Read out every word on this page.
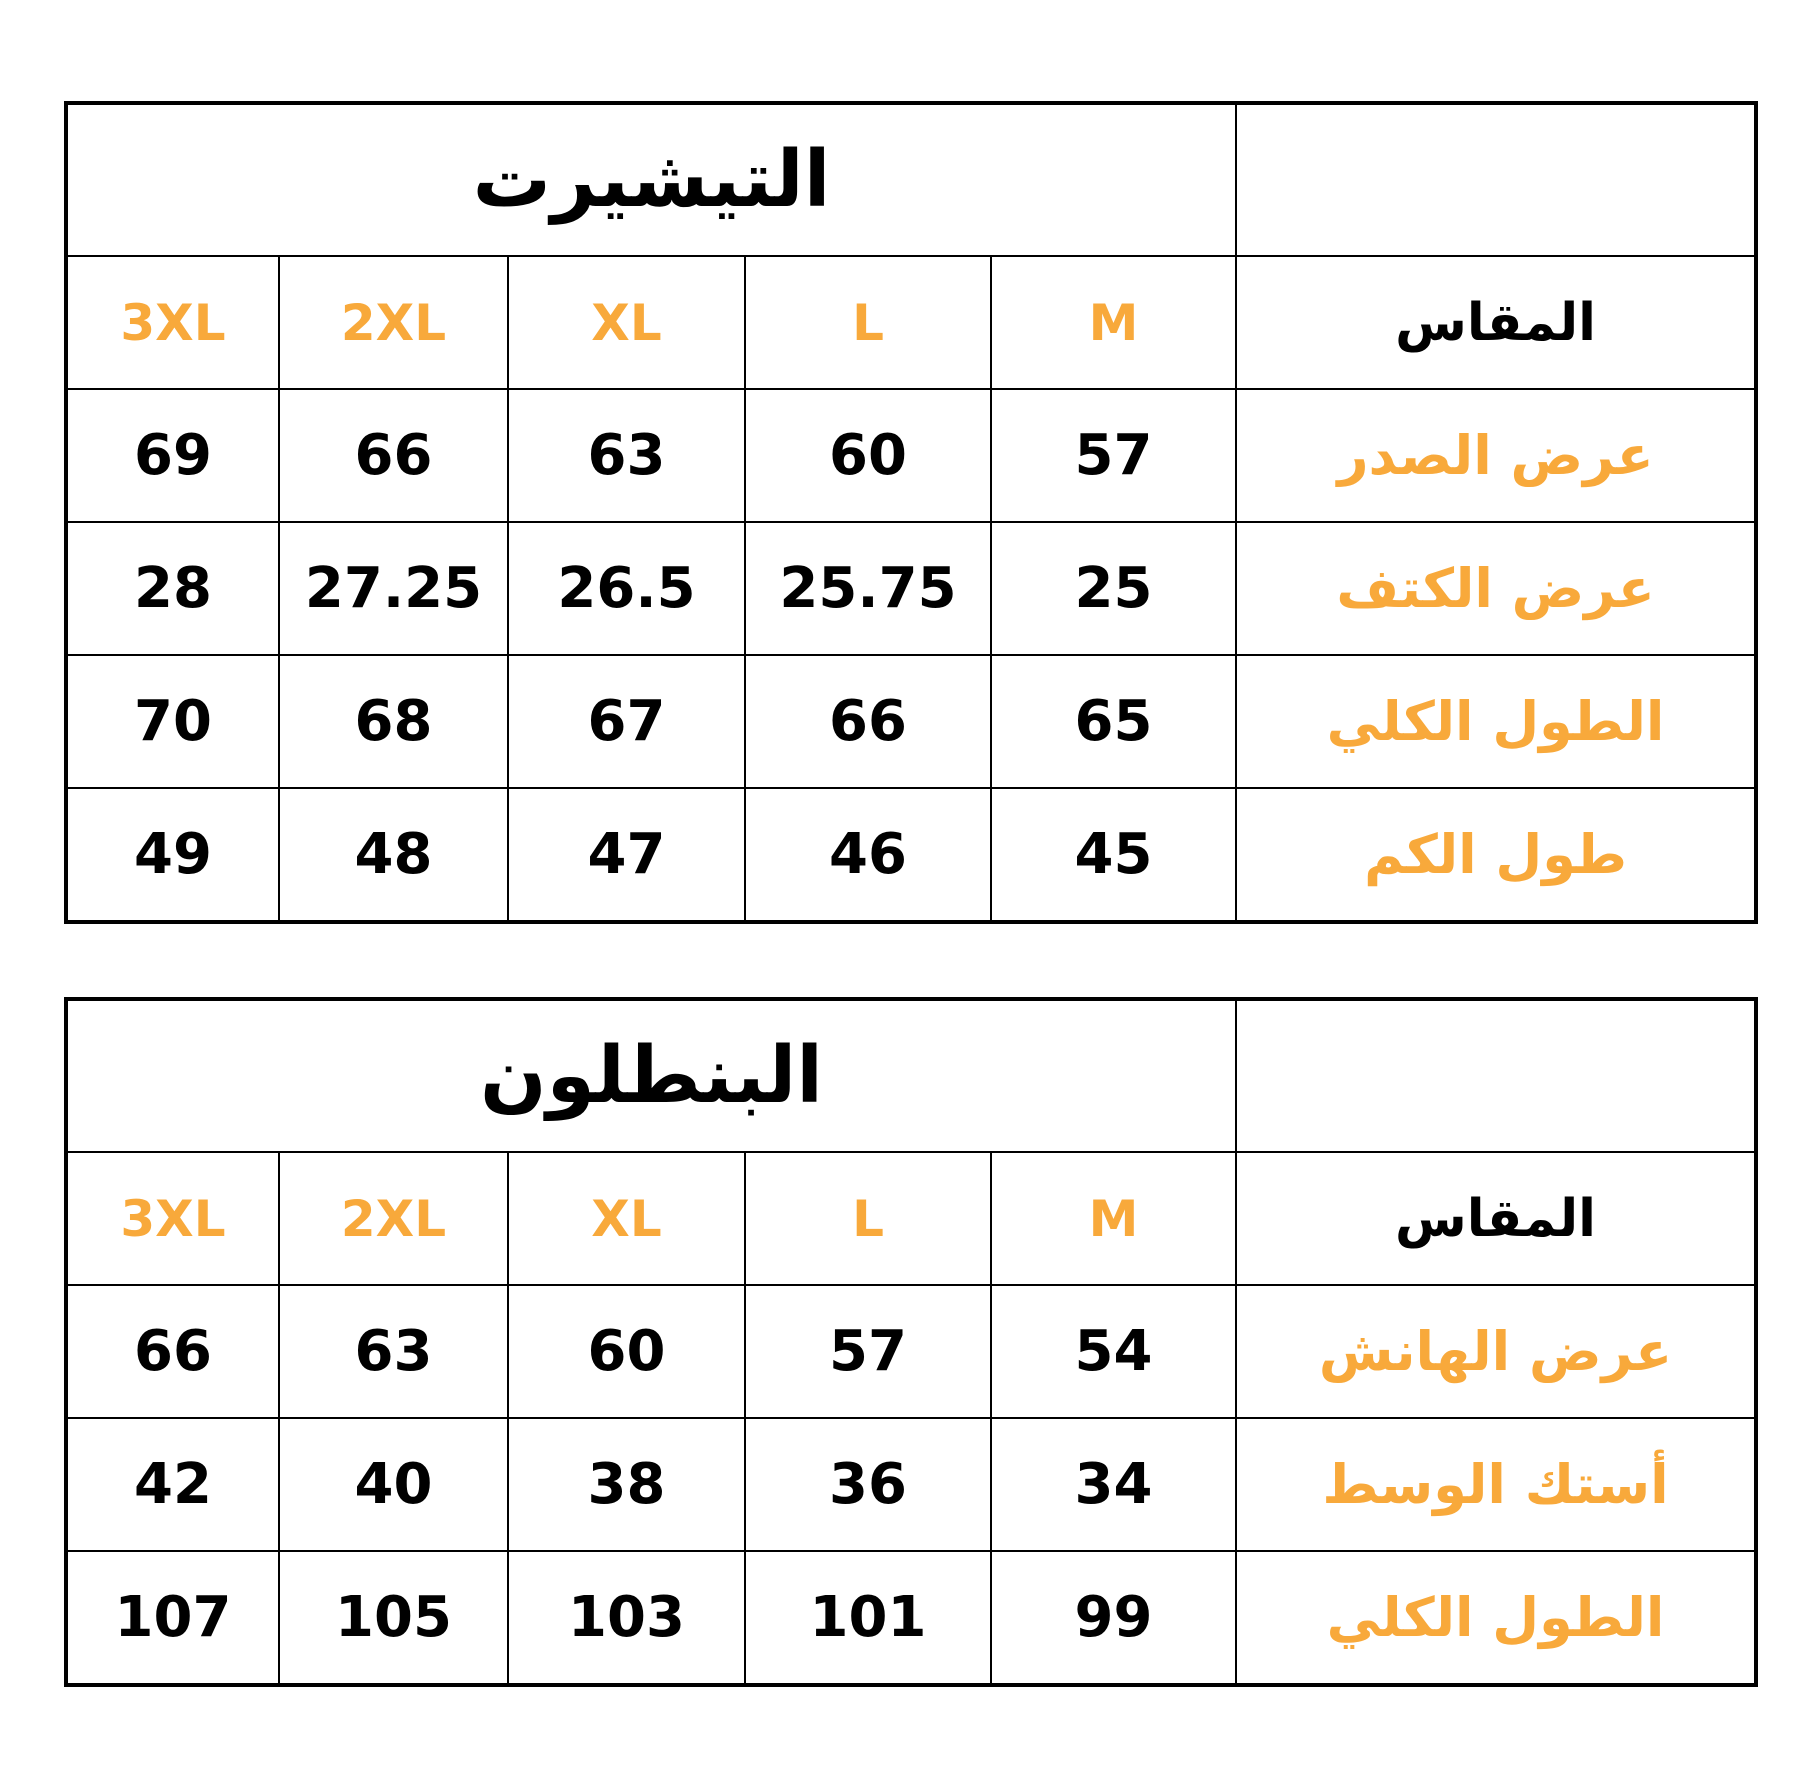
التيشيرت					
3XL	2XL	XL	L	M	المقاس
69	66	63	60	57	عرض الصدر
28	27.25	26.5	25.75	25	عرض الكتف
70	68	67	66	65	الطول الكلي
49	48	47	46	45	طول الكم
البنطلون					
3XL	2XL	XL	L	M	المقاس
66	63	60	57	54	عرض الهانش
42	40	38	36	34	أستك الوسط
107	105	103	101	99	الطول الكلي
